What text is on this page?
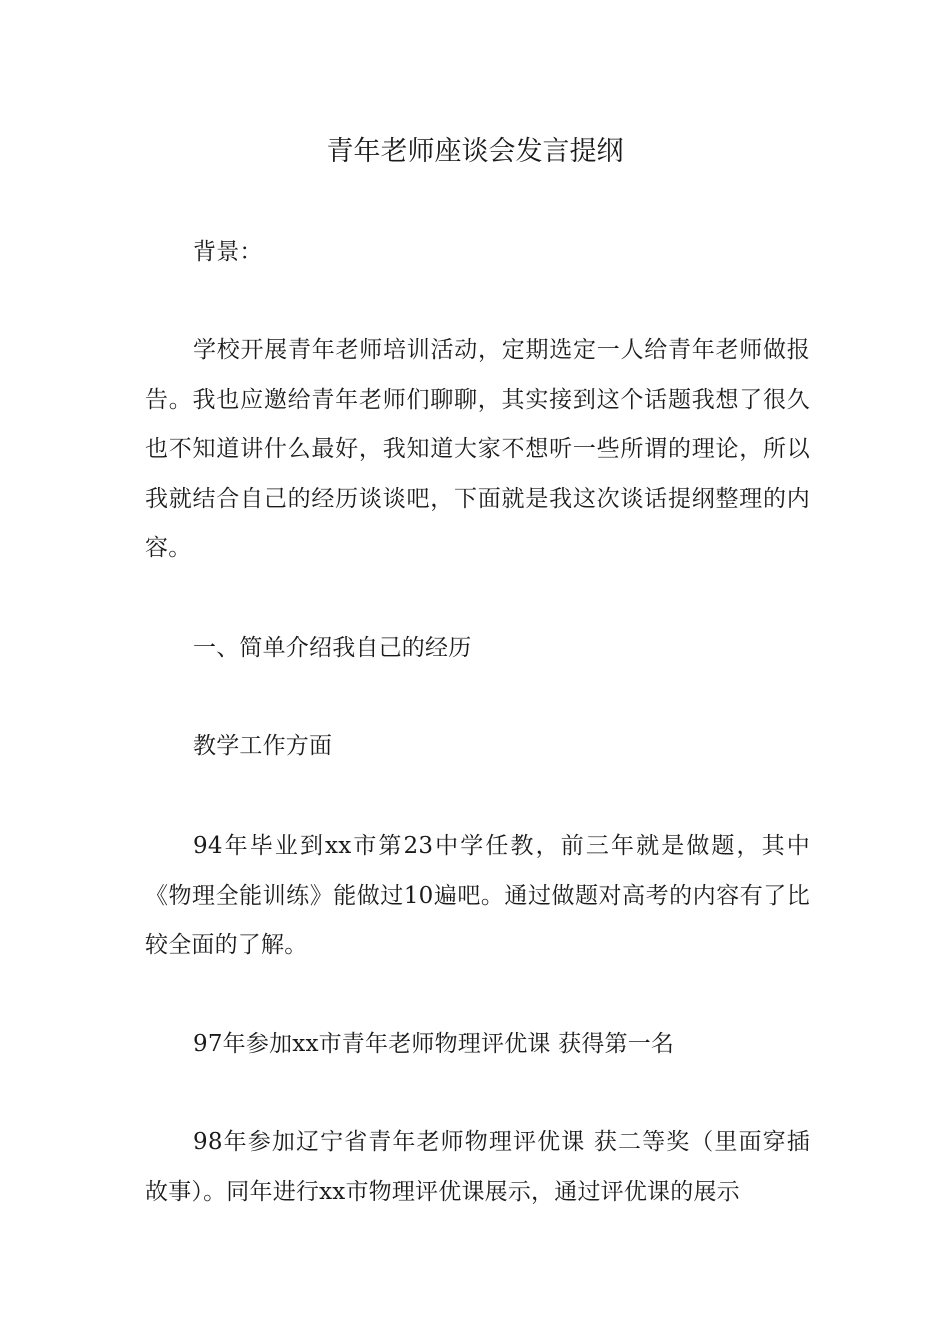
青年老师座谈会发言提纲

背景：

学校开展青年老师培训活动，定期选定一人给青年老师做报告。我也应邀给青年老师们聊聊，其实接到这个话题我想了很久也不知道讲什么最好，我知道大家不想听一些所谓的理论，所以我就结合自己的经历谈谈吧，下面就是我这次谈话提纲整理的内容。

一、简单介绍我自己的经历

教学工作方面

94年毕业到xx市第23中学任教，前三年就是做题，其中《物理全能训练》能做过10遍吧。通过做题对高考的内容有了比较全面的了解。

97年参加xx市青年老师物理评优课 获得第一名

98年参加辽宁省青年老师物理评优课 获二等奖（里面穿插故事）。同年进行xx市物理评优课展示，通过评优课的展示
